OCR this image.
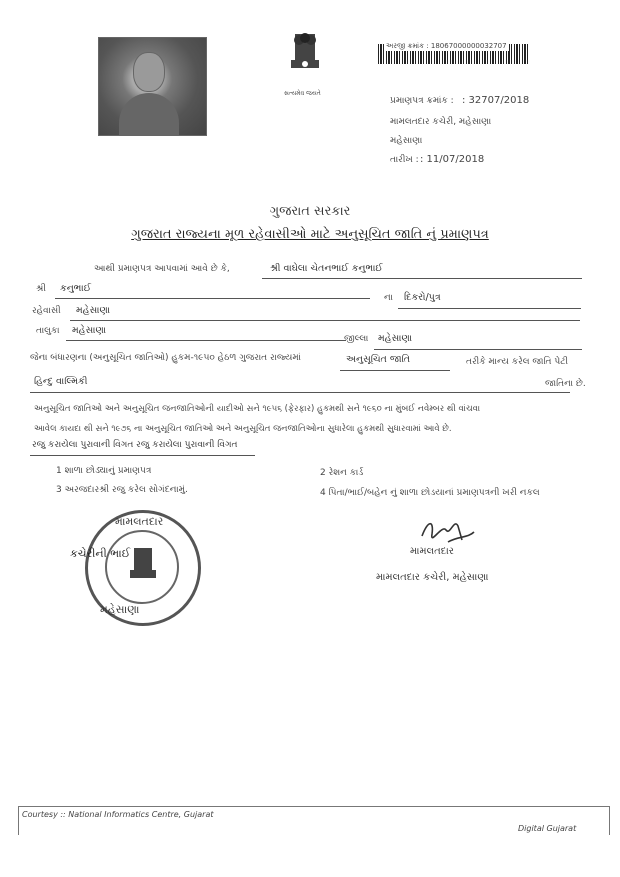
સત્યમેવ જયતે
અરજી ક્રમાંક : 18067000000032707
પ્રમાણપત્ર ક્રમાંક : : 32707/2018
મામલતદાર કચેરી, મહેસાણા
મહેસાણા
તારીખ : : 11/07/2018
ગુજરાત સરકાર
ગુજરાત રાજ્યના મૂળ રહેવાસીઓ માટે અનુસૂચિત જાતિ નું પ્રમાણપત્ર
આથી પ્રમાણપત્ર આપવામાં આવે છે કે,	શ્રી વાઘેલા ચેતનભાઈ કનુભાઈ
શ્રી કનુભાઈ
ના દિકરો/પુત્ર
રહેવાસી મહેસાણા
તાલુકા મહેસાણા
જીલ્લા મહેસાણા
જેના બંધારણના (અનુસૂચિત જાતિઓ) હુકમ-૧૯૫૦ હેઠળ ગુજરાત રાજ્યમાં	અનુસૂચિત જાતિ	તરીકે માન્ય કરેલ જાતિ પેટી
હિન્દુ વાલ્મિકી	જાતિના છે.
અનુસૂચિત જાતિઓ અને અનુસૂચિત જનજાતિઓની યાદીઓ સને ૧૯૫૬ (ફેરફાર) હુકમથી સને ૧૯૬૦ ના મુંબઈ નવેમ્બર થી વાંચવા
આવેલ કાયદા થી સને ૧૯૭૬ ના અનુસૂચિત જાતિઓ અને અનુસૂચિત જનજાતિઓના સુધારેલા હુકમથી સુધારવામાં આવે છે.
રજુ કરાયેલા પુરાવાની વિગત રજુ કરાયેલા પુરાવાની વિગત
1 શાળા છોડ્યાનું પ્રમાણપત્ર	2 રેશન કાર્ડ
3 અરજદારશ્રી રજુ કરેલ સોગંદનામું.	4 પિતા/ભાઈ/બહેન નું શાળા છોડયાનાં પ્રમાણપત્રની ખરી નકલ
મામલતદાર
મહેસાણા
કચેરીની ભાઈ	મામલતદાર
મામલતદાર કચેરી, મહેસાણા
Courtesy :: National Informatics Centre, Gujarat
Digital Gujarat
